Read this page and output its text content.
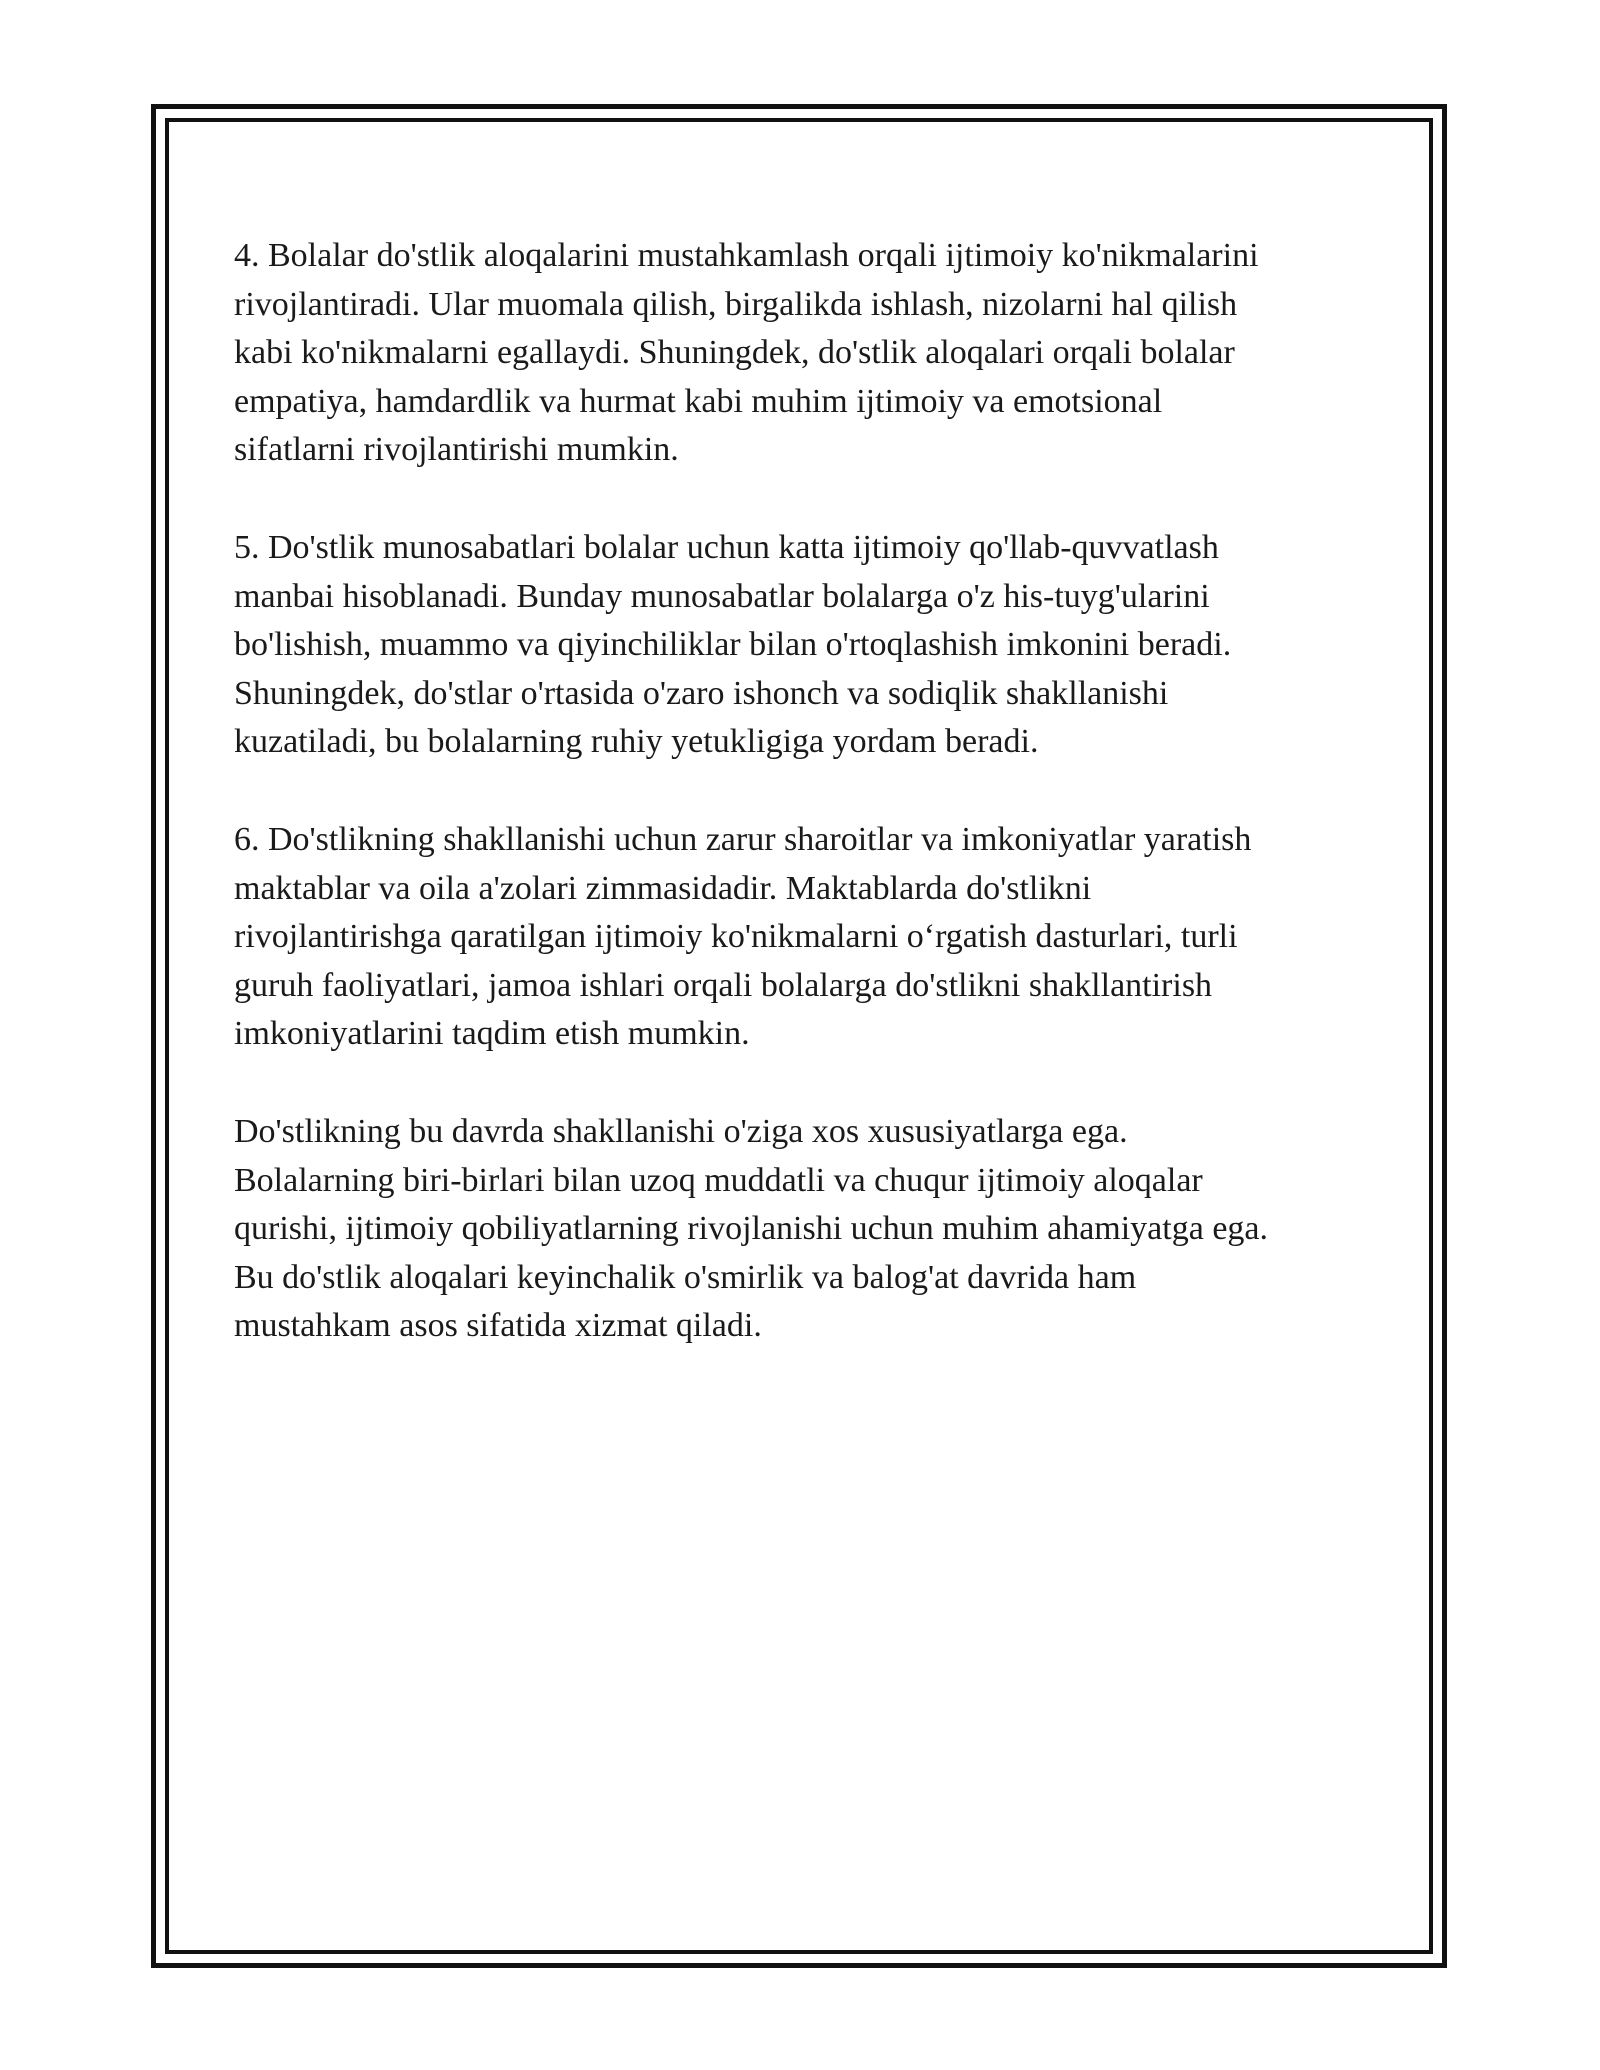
4. Bolalar do'stlik aloqalarini mustahkamlash orqali ijtimoiy ko'nikmalarini
rivojlantiradi. Ular muomala qilish, birgalikda ishlash, nizolarni hal qilish
kabi ko'nikmalarni egallaydi. Shuningdek, do'stlik aloqalari orqali bolalar
empatiya, hamdardlik va hurmat kabi muhim ijtimoiy va emotsional
sifatlarni rivojlantirishi mumkin.

5. Do'stlik munosabatlari bolalar uchun katta ijtimoiy qo'llab-quvvatlash
manbai hisoblanadi. Bunday munosabatlar bolalarga o'z his-tuyg'ularini
bo'lishish, muammo va qiyinchiliklar bilan o'rtoqlashish imkonini beradi.
Shuningdek, do'stlar o'rtasida o'zaro ishonch va sodiqlik shakllanishi
kuzatiladi, bu bolalarning ruhiy yetukligiga yordam beradi.

6. Do'stlikning shakllanishi uchun zarur sharoitlar va imkoniyatlar yaratish
maktablar va oila a'zolari zimmasidadir. Maktablarda do'stlikni
rivojlantirishga qaratilgan ijtimoiy ko'nikmalarni o‘rgatish dasturlari, turli
guruh faoliyatlari, jamoa ishlari orqali bolalarga do'stlikni shakllantirish
imkoniyatlarini taqdim etish mumkin.

Do'stlikning bu davrda shakllanishi o'ziga xos xususiyatlarga ega.
Bolalarning biri-birlari bilan uzoq muddatli va chuqur ijtimoiy aloqalar
qurishi, ijtimoiy qobiliyatlarning rivojlanishi uchun muhim ahamiyatga ega.
Bu do'stlik aloqalari keyinchalik o'smirlik va balog'at davrida ham
mustahkam asos sifatida xizmat qiladi.
